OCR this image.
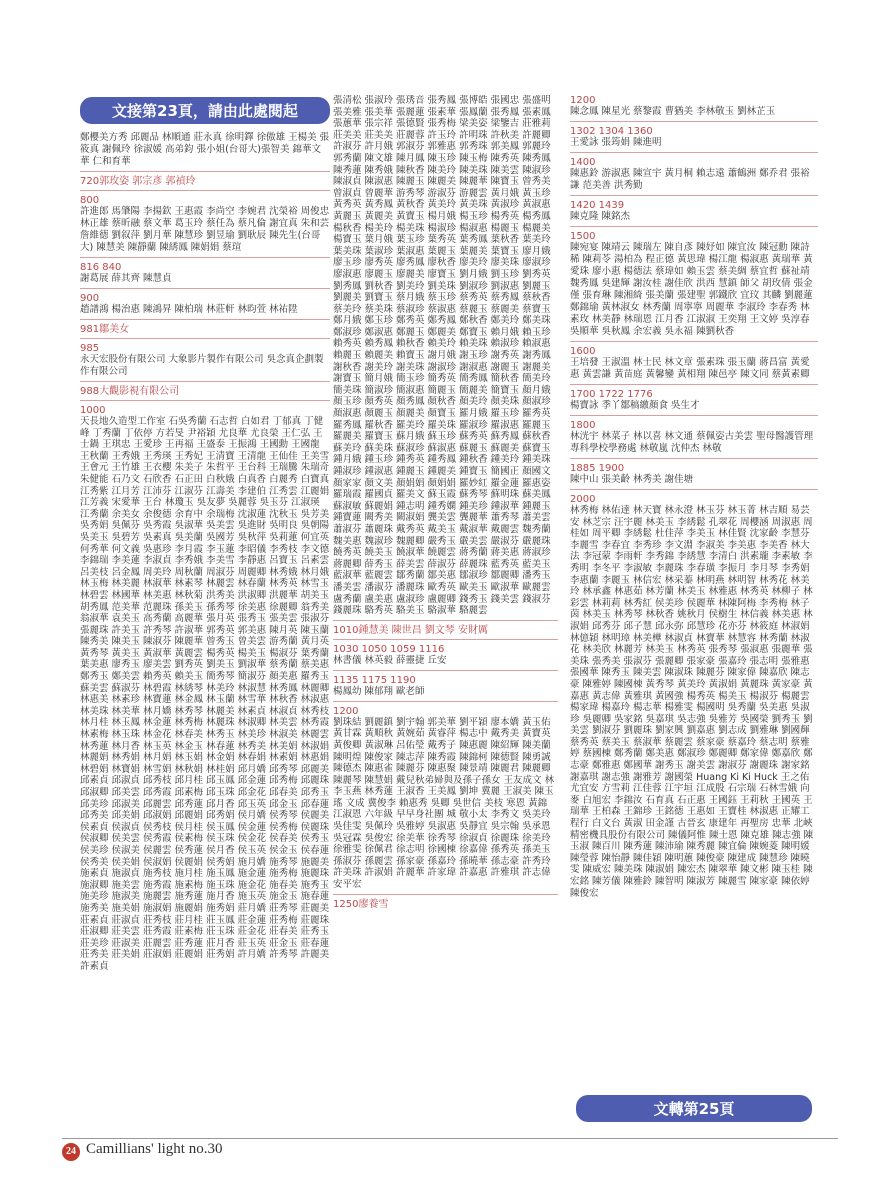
文接第23頁，請由此處閱起
鄭櫻美方秀 邱麗品 林順通 莊永真 徐明鐸 徐傲雄 王楊美 張筱真 謝佩玲 徐淑媛 高弟鈞 張小姐(台哥大)張智美 錦華文華 仁和育華
720郭玫姿 郭宗彥 郭禎玲
800
許進郎 馬肇陽 李揚欽 王惠霞 李尚空 李婉君 沈榮裕 周俊忠 林正雄 蔡昕融 蔡文華 葛玉玲 蔡任為 蔡凡倫 謝宜真 朱和芸 詹維德 劉叙萍 劉月華 陳慧珍 劉昱瑜 劉耿辰 陳先生(台哥大) 陳慧美 陳靜蘭 陳綉鳳 陳娟娟 蔡瑄
816 840
謝葛展 薛其齊 陳慧貞
900
趙譜鴻 楊治惠 陳鴻昇 陳柏瑞 林莊軒 林昀萱 林祐陞
981鄒美女
985
永天宏股份有限公司 大象影片製作有限公司 吳念真企劃製作有限公司
988大觀影視有限公司
1000
天長地久造型工作室 石吳秀蘭 石志哲 白如君 丁郁真 丁健峰 丁秀蘭 丁依停 方若旻 尹裕穎 尤良華 尤良榮 王仁弘 王士鍋 王琪忠 王愛珍 王再福 王盛泰 王振鴻 王國勳 王國龍 王秋蘭 王秀娥 王秀瑛 王秀妃 王清寶 王清龍 王仙佳 王美雪 王會元 王竹雄 王衣櫻 朱美子 朱哲平 王台科 王瑞騰 朱瑞奇 朱健能 石乃文 石欣香 石正田 白秋娥 白真香 白麗秀 白寶真 江秀紫 江月芳 江沛芬 江淑芬 江壽美 李建伯 江秀雲 江麗娟 江芳義 宋愛華 王台 林瓊玉 吳友夢 吳麗蓉 吳玉芬 江淑瑛 江秀蘭 余美女 余俊德 余育中 余瑞梅 沈淑蓮 沈秋玉 吳芳美 吳秀娟 吳佩芬 吳秀霞 吳淑華 吳美雲 吳進財 吳明良 吳朝陽 吳美玉 吳碧芳 吳素真 吳美蘭 吳國芳 吳秋萍 吳莉蓮 何宜英 何秀華 何文義 吳惠珍 李月霞 李玉蓮 李昭儀 李秀枝 李文德 李錦瑞 李美蓮 李淑貞 李秀娥 李美雪 李靜惠 呂寶玉 呂素雲 呂美枝 呂金鳳 周美玲 周秋蘭 周淑芬 周麗卿 林秀娥 林月娥 林玉梅 林美麗 林淑華 林素琴 林麗雲 林春蘭 林秀英 林雪玉 林碧雲 林國華 林美惠 林秋菊 洪秀美 洪淑卿 洪麗華 胡美玉 胡秀鳳 范美華 范麗珠 孫美玉 孫秀琴 徐美惠 徐麗卿 翁秀美 翁淑華 袁美玉 高秀蘭 高麗華 張月英 張秀玉 張美雲 張淑芬 張麗珠 許美玉 許秀琴 許淑華 郭秀英 郭美惠 陳月英 陳玉蘭 陳秀美 陳美玉 陳淑芬 陳麗華 曾秀玉 曾美雲 游秀蘭 黃月英 黃秀琴 黃美玉 黃淑華 黃麗雲 楊秀英 楊美玉 楊淑芬 葉秀蘭 葉美惠 廖秀玉 廖美雲 劉秀英 劉美玉 劉淑華 蔡秀蘭 蔡美惠 鄭秀玉 鄭美雲 賴秀英 賴美玉 簡秀琴 簡淑芬 顏美惠 羅秀玉 蘇美雲 蘇淑芬 林碧霞 林綉琴 林美玲 林淑慧 林秀鳳 林麗卿 林惠美 林素珍 林寶蓮 林金鳳 林玉蘭 林雪華 林秋香 林淑惠 林美珠 林美華 林月嬌 林秀琴 林麗美 林素貞 林淑貞 林秀枝 林月桂 林玉鳳 林金蓮 林秀梅 林麗珠 林淑卿 林美雲 林秀霞 林素梅 林玉珠 林金花 林春美 林秀玉 林美珍 林淑美 林麗雲 林秀蓮 林月香 林玉英 林金玉 林春蓮 林秀美 林美娟 林淑娟 林麗娟 林秀娟 林月娟 林玉娟 林金娟 林春娟 林素娟 林惠娟 林碧娟 林寶娟 林雪娟 林秋娟 林桂娟 邱月嬌 邱秀琴 邱麗美 邱素貞 邱淑貞 邱秀枝 邱月桂 邱玉鳳 邱金蓮 邱秀梅 邱麗珠 邱淑卿 邱美雲 邱秀霞 邱素梅 邱玉珠 邱金花 邱春美 邱秀玉 邱美珍 邱淑美 邱麗雲 邱秀蓮 邱月香 邱玉英 邱金玉 邱春蓮 邱秀美 邱美娟 邱淑娟 邱麗娟 邱秀娟 侯月嬌 侯秀琴 侯麗美 侯素貞 侯淑貞 侯秀枝 侯月桂 侯玉鳳 侯金蓮 侯秀梅 侯麗珠 侯淑卿 侯美雲 侯秀霞 侯素梅 侯玉珠 侯金花 侯春美 侯秀玉 侯美珍 侯淑美 侯麗雲 侯秀蓮 侯月香 侯玉英 侯金玉 侯春蓮 侯秀美 侯美娟 侯淑娟 侯麗娟 侯秀娟 施月嬌 施秀琴 施麗美 施素貞 施淑貞 施秀枝 施月桂 施玉鳳 施金蓮 施秀梅 施麗珠 施淑卿 施美雲 施秀霞 施素梅 施玉珠 施金花 施春美 施秀玉 施美珍 施淑美 施麗雲 施秀蓮 施月香 施玉英 施金玉 施春蓮 施秀美 施美娟 施淑娟 施麗娟 施秀娟 莊月嬌 莊秀琴 莊麗美 莊素貞 莊淑貞 莊秀枝 莊月桂 莊玉鳳 莊金蓮 莊秀梅 莊麗珠 莊淑卿 莊美雲 莊秀霞 莊素梅 莊玉珠 莊金花 莊春美 莊秀玉 莊美珍 莊淑美 莊麗雲 莊秀蓮 莊月香 莊玉英 莊金玉 莊春蓮 莊秀美 莊美娟 莊淑娟 莊麗娟 莊秀娟 許月嬌 許秀琴 許麗美 許素貞
張清松 張淑玲 張琇音 張秀鳳 張博皓 張國忠 張盛明 張美雅 張美華 張麗蓮 張素華 張鳳蘭 張秀鳳 張素鳳 張蕙華 張宗祥 張德賢 張秀梅 梁美姿 梁鑒吉 莊雅莉 莊美美 莊美美 莊麗蓉 許玉玲 許明珠 許秋美 許麗卿 許淑芬 許月娥 郭淑芬 郭雅惠 郭秀珠 郭美鳳 郭麗玲 郭秀蘭 陳文雄 陳月鳳 陳玉珍 陳玉梅 陳秀英 陳秀鳳 陳秀蓮 陳秀娥 陳秋香 陳美玲 陳美珠 陳美雲 陳淑珍 陳淑貞 陳淑惠 陳麗玉 陳麗美 陳麗華 陳寶玉 曾秀美 曾淑貞 曾麗華 游秀琴 游淑芬 游麗雲 黃月娥 黃玉珍 黃秀英 黃秀鳳 黃秋香 黃美玲 黃美珠 黃淑珍 黃淑惠 黃麗玉 黃麗美 黃寶玉 楊月娥 楊玉珍 楊秀英 楊秀鳳 楊秋香 楊美玲 楊美珠 楊淑珍 楊淑惠 楊麗玉 楊麗美 楊寶玉 葉月娥 葉玉珍 葉秀英 葉秀鳳 葉秋香 葉美玲 葉美珠 葉淑珍 葉淑惠 葉麗玉 葉麗美 葉寶玉 廖月娥 廖玉珍 廖秀英 廖秀鳳 廖秋香 廖美玲 廖美珠 廖淑珍 廖淑惠 廖麗玉 廖麗美 廖寶玉 劉月娥 劉玉珍 劉秀英 劉秀鳳 劉秋香 劉美玲 劉美珠 劉淑珍 劉淑惠 劉麗玉 劉麗美 劉寶玉 蔡月娥 蔡玉珍 蔡秀英 蔡秀鳳 蔡秋香 蔡美玲 蔡美珠 蔡淑珍 蔡淑惠 蔡麗玉 蔡麗美 蔡寶玉 鄭月娥 鄭玉珍 鄭秀英 鄭秀鳳 鄭秋香 鄭美玲 鄭美珠 鄭淑珍 鄭淑惠 鄭麗玉 鄭麗美 鄭寶玉 賴月娥 賴玉珍 賴秀英 賴秀鳳 賴秋香 賴美玲 賴美珠 賴淑珍 賴淑惠 賴麗玉 賴麗美 賴寶玉 謝月娥 謝玉珍 謝秀英 謝秀鳳 謝秋香 謝美玲 謝美珠 謝淑珍 謝淑惠 謝麗玉 謝麗美 謝寶玉 簡月娥 簡玉珍 簡秀英 簡秀鳳 簡秋香 簡美玲 簡美珠 簡淑珍 簡淑惠 簡麗玉 簡麗美 簡寶玉 顏月娥 顏玉珍 顏秀英 顏秀鳳 顏秋香 顏美玲 顏美珠 顏淑珍 顏淑惠 顏麗玉 顏麗美 顏寶玉 羅月娥 羅玉珍 羅秀英 羅秀鳳 羅秋香 羅美玲 羅美珠 羅淑珍 羅淑惠 羅麗玉 羅麗美 羅寶玉 蘇月娥 蘇玉珍 蘇秀英 蘇秀鳳 蘇秋香 蘇美玲 蘇美珠 蘇淑珍 蘇淑惠 蘇麗玉 蘇麗美 蘇寶玉 鍾月娥 鍾玉珍 鍾秀英 鍾秀鳳 鍾秋香 鍾美玲 鍾美珠 鍾淑珍 鍾淑惠 鍾麗玉 鍾麗美 鍾寶玉 簡國正 顏國文 顏家家 顏文美 顏娟娟 顏娟娟 羅妙紅 羅金蓮 羅惠姿 羅瑞霞 羅國貞 羅美文 蘇玉霞 蘇秀琴 蘇明珠 蘇美鳳 蘇淑敏 蘇麗娟 鍾志明 鍾秀嫻 鍾美珍 鍾淑華 鍾麗玉 鍾寶蓮 闕秀美 闕淑娟 龔美雲 龔麗華 蕭秀琴 蕭美雲 蕭淑芬 蕭麗珠 戴秀英 戴美玉 戴淑華 戴麗雲 魏秀蘭 魏美惠 魏淑珍 魏麗卿 嚴秀玉 嚴美雲 嚴淑芬 嚴麗珠 饒秀英 饒美玉 饒淑華 饒麗雲 蔣秀蘭 蔣美惠 蔣淑珍 蔣麗卿 薛秀玉 薛美雲 薛淑芬 薛麗珠 藍秀英 藍美玉 藍淑華 藍麗雲 鄒秀蘭 鄒美惠 鄒淑珍 鄒麗卿 潘秀玉 潘美雲 潘淑芬 潘麗珠 歐秀英 歐美玉 歐淑華 歐麗雲 盧秀蘭 盧美惠 盧淑珍 盧麗卿 錢秀玉 錢美雲 錢淑芬 錢麗珠 駱秀英 駱美玉 駱淑華 駱麗雲
1010鍾慧美 陳世昌 劉文琴 安財厲
1030 1050 1059 1116
林書儀 林英毅 薛靈捷 丘安
1135 1175 1190
楊鳳幼 陳郁翔 歐老師
1200
劉珠結 劉麗鎮 劉宇翰 郭美華 劉平穎 廖本嬌 黃玉佑 黃甘霖 黃順秋 黃婉茹 黃睿萍 楊志中 戴秀美 黃寶英 黃俊卿 黃淑琳 呂佑瑩 戴秀子 陳惠麗 陳紹輝 陳美蘭 陳明煌 陳俊家 陳志萍 陳秀霞 陳錦柯 陳德賢 陳勇誠 陳德杰 陳惠雀 陳麗芬 陳惠聚 陳景靖 陳麗君 陳麗卿 陳麗琴 陳慧娟 戴兒秋弟婦與及孫子孫女 王友成文 林李玉燕 林秀蓮 王淑香 王美鳳 劉坤 冀麗 王淑美 陳玉瑤 文成 冀俊李 賴惠秀 吳卿 吳世信 美枝 寒恩 黃錦 江淑恩 六年級 早早身社團 城 敬小太 李秀文 吳美玲 吳佳雯 吳佩玲 吳雅婷 吳淑惠 吳靜宜 吳宗翰 吳承恩 吳冠霖 吳俊宏 徐美華 徐秀琴 徐淑貞 徐麗珠 徐美玲 徐雅雯 徐佩君 徐志明 徐國棟 徐嘉偉 孫秀英 孫美玉 孫淑芬 孫麗雲 孫家豪 孫嘉玲 孫曉華 孫志豪 許秀玲 許美珠 許淑娟 許麗華 許家瑋 許嘉惠 許雅琪 許志偉 安平宏
1250廖養雪
1200
陳念鳳 陳星光 蔡黎霞 曹猶美 李林敬玉 劉林芷玉
1302 1304 1360
王愛詠 張筠娟 陳進明
1400
陳惠鈴 游淑惠 陳宣宇 黃月桐 賴志遠 蕭鶴洲 鄭乔君 張裕謙 范美善 洪秀勤
1420 1439
陳克隆 陳銘杰
1500
陳宛宴 陳靖云 陳瑞左 陳自彥 陳妤如 陳宜汝 陳冠勳 陳詩稀 陳莉苓 湯柏為 程正德 黃思瑋 楊江龍 楊淑惠 黃瑞華 黃愛珠 廖小惠 楊德法 蔡瑋如 賴玉雲 蔡美綢 蔡宜哲 蘇祉靖 魏秀鳳 吳建輝 謝汝桂 謝佳欣 洪西 慧鎮 師父 胡玫倩 張金僅 張育琳 陳湘綺 張美蘭 張建聖 郭鐵欣 宜玟 其麟 劉麗蓮 鄭錦瑜 黃林淑女 林秀蘭 周寧寧 周麗華 李淑玲 李春秀 林素玫 林美靜 林瑞恩 江月香 江淑淑 王奕翔 王文婷 吳淳春 吳順華 吳秋鳳 余宏義 吳永福 陳劉秋香
1600
王培發 王淑溫 林士民 林文章 張素珠 張玉蘭 蔣昌富 黃愛惠 黃雲謙 黃苗庭 黃馨鑾 黃相翔 陳邑亭 陳文同 蔡黃素卿
1700 1722 1776
楊寶詠 季丫鄒稿繳顏食 吳生才
1800
林洸宇 林菜子 林以喜 林文通 蔡佩姿古美雲 聖母醫護管理專科學校學務處 林敬嵐 沈仲杰 林敬
1885 1900
陳中山 張美齡 林秀美 謝佳塘
2000
林秀梅 林佑達 林天寶 林永澄 林玉芬 林玉菁 林吉順 易芸安 林芝宗 汪宇麗 林美玉 李綉鬆 孔翠花 周櫻涵 周淑惠 周桂如 周平卿 李綉鬆 杜佳萍 李美玉 林佳賢 沈家齡 李慧芬 李麗雪 李春宜 李秀珍 李文淵 李淑美 李美惠 李美香 林大法 李冠蒙 李雨軒 李秀錦 李綉慧 李清白 洪素瓏 李素敏 李秀明 李冬平 李淑敏 李麗珠 李春璜 李振月 李月琴 李秀娟 李惠蘭 李麗玉 林信宏 林采蓁 林明燕 林明智 林秀花 林美玲 林承鑫 林惠茹 林芳蘭 林美玉 林雅惠 林秀英 林柳子 林彩雲 林莉莉 林秀紅 侯美珍 侯麗華 林陳阿梅 李秀梅 林子茵 林美玉 林秀琴 林秋香 姚秋月 侯樹生 林信義 林美惠 林淑娟 邱秀芬 邱子慧 邱永弥 邱慧珍 花亦芬 林筱庭 林淑娟 林億穎 林明璋 林美樺 林淑貞 林寶華 林慧容 林秀蘭 林淑花 林美欣 林麗芳 林美玉 林秀英 張秀琴 張淑惠 張麗華 張美珠 張秀美 張淑芬 張麗卿 張家豪 張嘉玲 張志明 張雅惠 張國華 陳秀玉 陳美雲 陳淑珠 陳麗芬 陳家偉 陳嘉欣 陳志豪 陳雅婷 陳國棟 黃秀琴 黃美玲 黃淑娟 黃麗珠 黃家豪 黃嘉惠 黃志偉 黃雅琪 黃國強 楊秀英 楊美玉 楊淑芬 楊麗雲 楊家瑋 楊嘉玲 楊志華 楊雅雯 楊國明 吳秀蘭 吳美惠 吳淑珍 吳麗卿 吳家銘 吳嘉琪 吳志強 吳雅芳 吳國榮 劉秀玉 劉美雲 劉淑芬 劉麗珠 劉家興 劉嘉惠 劉志成 劉雅琳 劉國輝 蔡秀英 蔡美玉 蔡淑華 蔡麗雲 蔡家豪 蔡嘉玲 蔡志明 蔡雅婷 蔡國棟 鄭秀蘭 鄭美惠 鄭淑珍 鄭麗卿 鄭家偉 鄭嘉欣 鄭志豪 鄭雅惠 鄭國華 謝秀玉 謝美雲 謝淑芬 謝麗珠 謝家銘 謝嘉琪 謝志強 謝雅芳 謝國榮 Huang Ki Ki Huck 王之佑 尤宜安 方雪莉 江佳蓉 江宇垣 江成殷 石宗瑞 石林雪娥 向麥 白旭宏 李錦汝 石育真 石正惠 王國鈺 王莉秋 王國英 王瑞華 王柏森 王錦珍 王銘德 王惠如 王寶桂 林淑惠 正耀工程行 白文台 黃淑 田金謹 古晉玄 康建年 再聖房 忠華 北峽精密機具股份有限公司 陳儀阿惟 陳士恩 陳克雄 陳志強 陳玉淑 陳百川 陳秀蓮 陳沛瑜 陳秀麗 陳宜倫 陳婉菱 陳明媛 陳瑩蓉 陳怡靜 陳佳穎 陳明蕙 陳俊豪 陳建成 陳慧珍 陳曉雯 陳威宏 陳美珠 陳淑娟 陳宏杰 陳翠華 陳文彬 陳玉桂 陳宏銘 陳芳儀 陳雅鈴 陳智明 陳淑芳 陳麗雪 陳家豪 陳依婷 陳俊宏
文轉第25頁
24 Camillians' light no.30
